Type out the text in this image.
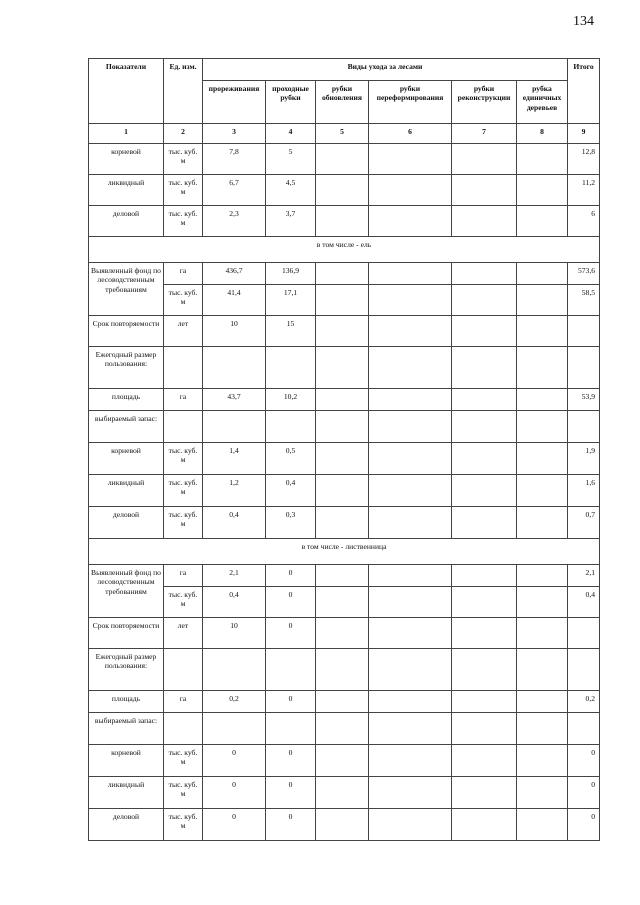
134
Показатели	Ед. изм.	Виды ухода за лесами						Итого
		прореживания	проходные рубки	рубки обновления	рубки переформирования	рубки реконструкции	рубка единичных деревьев	
1	2	3	4	5	6	7	8	9
корневой	тыс. куб. м	7,8	5					12,8
ликвидный	тыс. куб. м	6,7	4,5					11,2
деловой	тыс. куб. м	2,3	3,7					6
в том числе - ель								
Выявленный фонд по лесоводственным требованиям	га	436,7	136,9					573,6
	тыс. куб. м	41,4	17,1					58,5
Срок повторяемости	лет	10	15					
Ежегодный размер пользования:								
площадь	га	43,7	10,2					53,9
выбираемый запас:								
корневой	тыс. куб. м	1,4	0,5					1,9
ликвидный	тыс. куб. м	1,2	0,4					1,6
деловой	тыс. куб. м	0,4	0,3					0,7
в том числе - лиственница								
Выявленный фонд по лесоводственным требованиям	га	2,1	0					2,1
	тыс. куб. м	0,4	0					0,4
Срок повторяемости	лет	10	0					
Ежегодный размер пользования:								
площадь	га	0,2	0					0,2
выбираемый запас:								
корневой	тыс. куб. м	0	0					0
ликвидный	тыс. куб. м	0	0					0
деловой	тыс. куб. м	0	0					0
